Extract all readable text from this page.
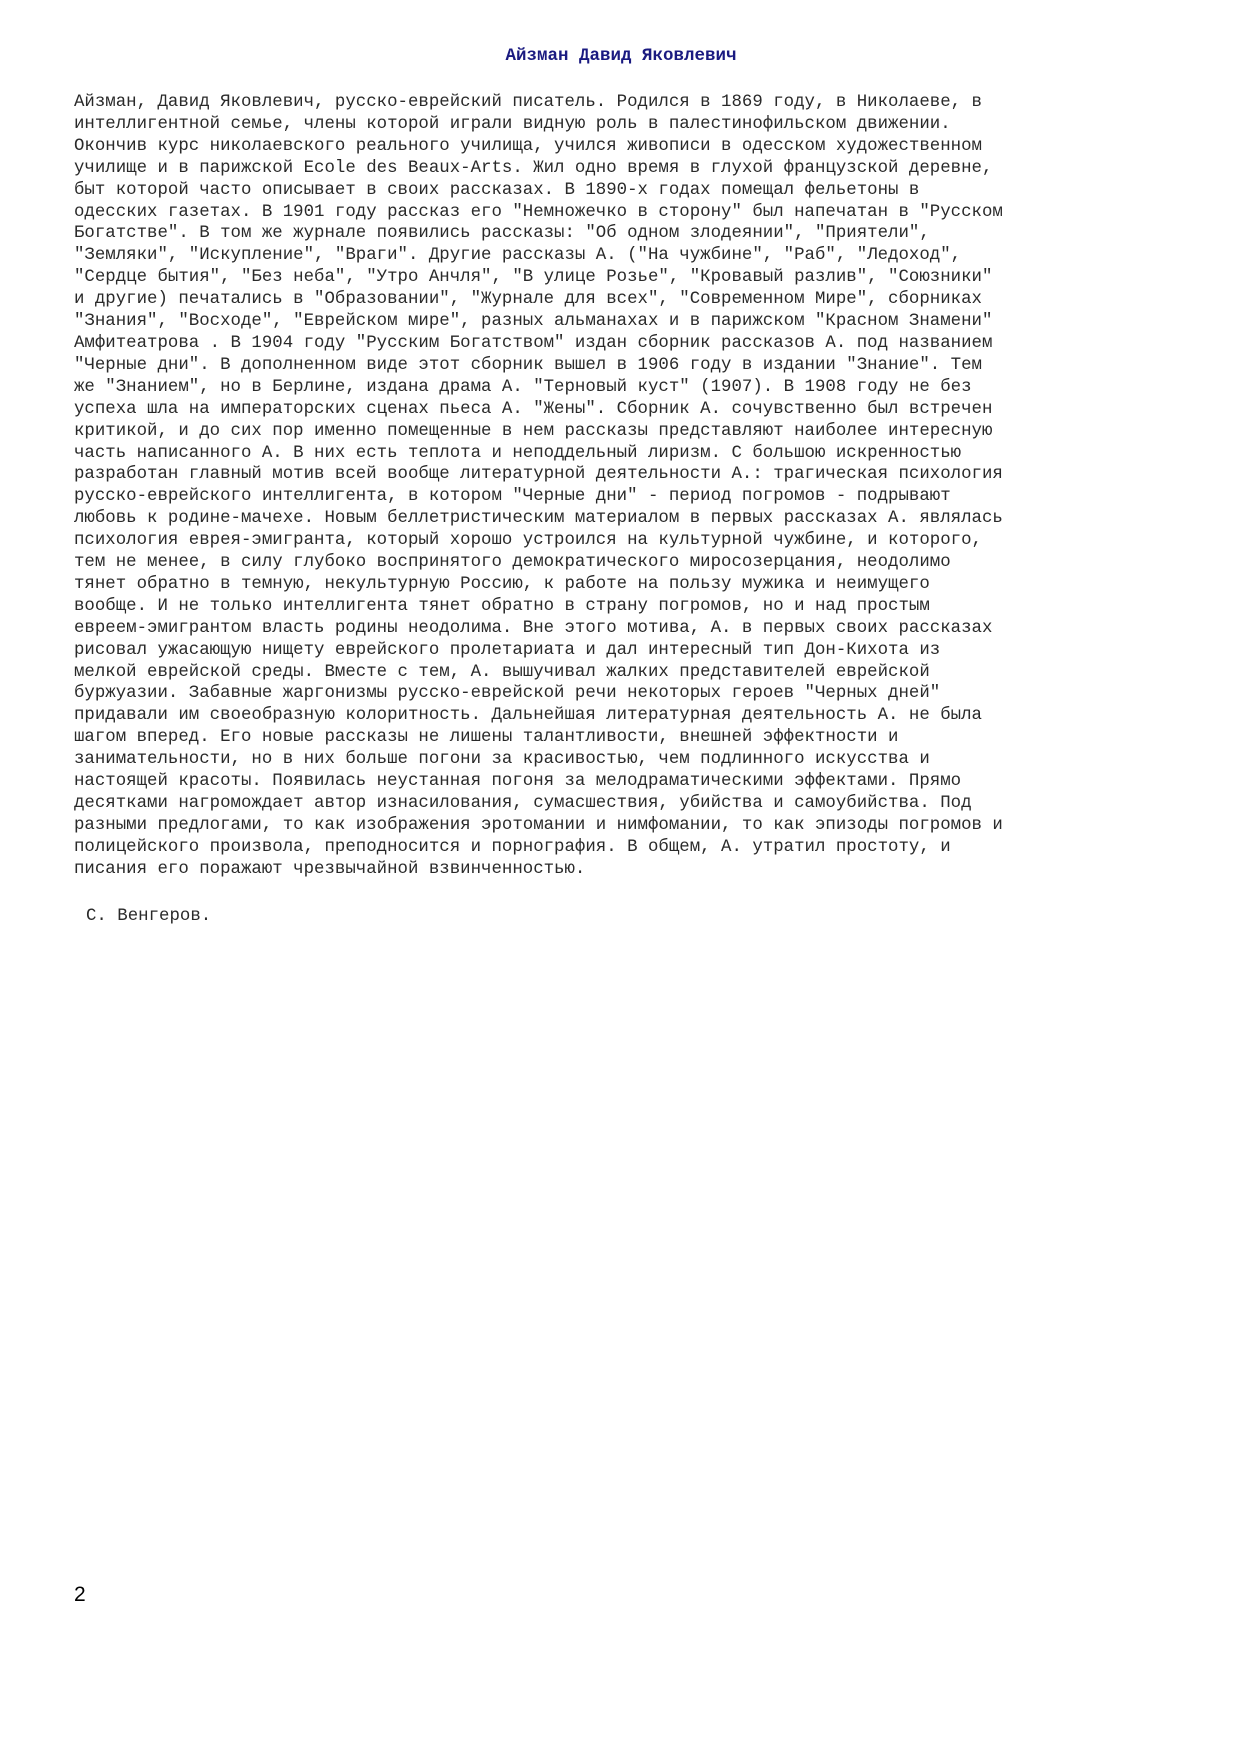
Айзман Давид Яковлевич
Айзман, Давид Яковлевич, русско-еврейский писатель. Родился в 1869 году, в Николаеве, в
интеллигентной семье, члены которой играли видную роль в палестинофильском движении.
Окончив курс николаевского реального училища, учился живописи в одесском художественном
училище и в парижской Ecole des Beaux-Arts. Жил одно время в глухой французской деревне,
быт которой часто описывает в своих рассказах. В 1890-х годах помещал фельетоны в
одесских газетах. В 1901 году рассказ его "Немножечко в сторону" был напечатан в "Русском
Богатстве". В том же журнале появились рассказы: "Об одном злодеянии", "Приятели",
"Земляки", "Искупление", "Враги". Другие рассказы А. ("На чужбине", "Раб", "Ледоход",
"Сердце бытия", "Без неба", "Утро Анчля", "В улице Розье", "Кровавый разлив", "Союзники"
и другие) печатались в "Образовании", "Журнале для всех", "Современном Мире", сборниках
"Знания", "Восходе", "Еврейском мире", разных альманахах и в парижском "Красном Знамени"
Амфитеатрова . В 1904 году "Русским Богатством" издан сборник рассказов А. под названием
"Черные дни". В дополненном виде этот сборник вышел в 1906 году в издании "Знание". Тем
же "Знанием", но в Берлине, издана драма А. "Терновый куст" (1907). В 1908 году не без
успеха шла на императорских сценах пьеса А. "Жены". Сборник А. сочувственно был встречен
критикой, и до сих пор именно помещенные в нем рассказы представляют наиболее интересную
часть написанного А. В них есть теплота и неподдельный лиризм. С большою искренностью
разработан главный мотив всей вообще литературной деятельности А.: трагическая психология
русско-еврейского интеллигента, в котором "Черные дни" - период погромов - подрывают
любовь к родине-мачехе. Новым беллетристическим материалом в первых рассказах А. являлась
психология еврея-эмигранта, который хорошо устроился на культурной чужбине, и которого,
тем не менее, в силу глубоко воспринятого демократического миросозерцания, неодолимо
тянет обратно в темную, некультурную Россию, к работе на пользу мужика и неимущего
вообще. И не только интеллигента тянет обратно в страну погромов, но и над простым
евреем-эмигрантом власть родины неодолима. Вне этого мотива, А. в первых своих рассказах
рисовал ужасающую нищету еврейского пролетариата и дал интересный тип Дон-Кихота из
мелкой еврейской среды. Вместе с тем, А. вышучивал жалких представителей еврейской
буржуазии. Забавные жаргонизмы русско-еврейской речи некоторых героев "Черных дней"
придавали им своеобразную колоритность. Дальнейшая литературная деятельность А. не была
шагом вперед. Его новые рассказы не лишены талантливости, внешней эффектности и
занимательности, но в них больше погони за красивостью, чем подлинного искусства и
настоящей красоты. Появилась неустанная погоня за мелодраматическими эффектами. Прямо
десятками нагромождает автор изнасилования, сумасшествия, убийства и самоубийства. Под
разными предлогами, то как изображения эротомании и нимфомании, то как эпизоды погромов и
полицейского произвола, преподносится и порнография. В общем, А. утратил простоту, и
писания его поражают чрезвычайной взвинченностью.

С. Венгеров.

2
